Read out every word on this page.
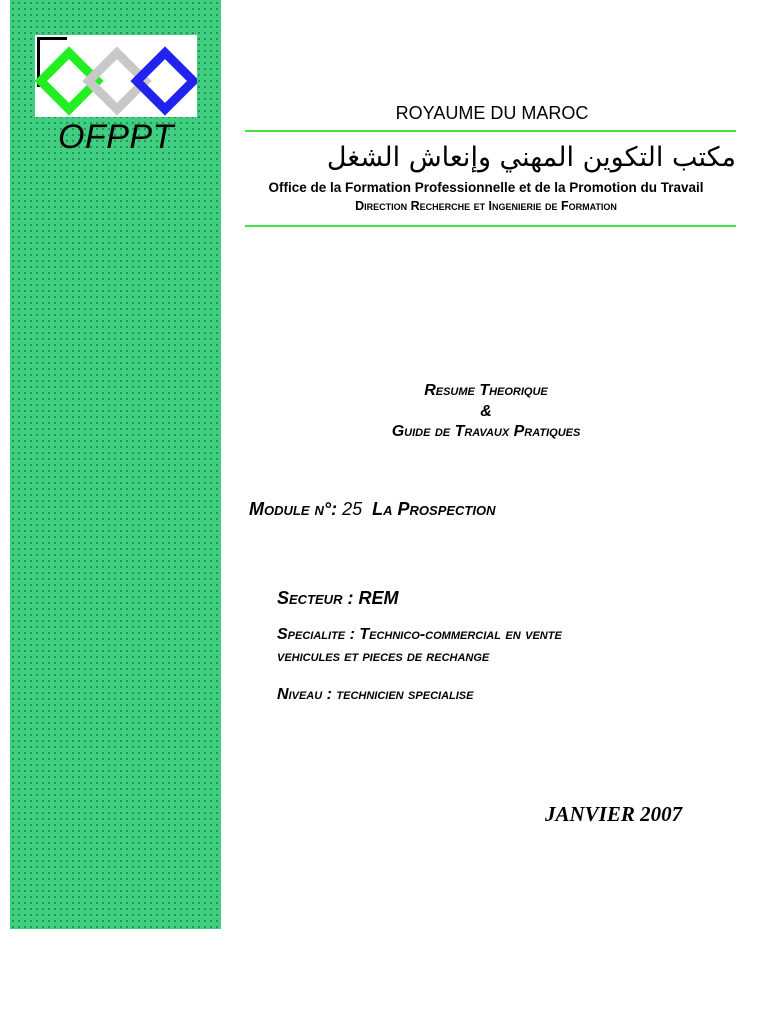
OFPPT
ROYAUME DU MAROC
مكتب التكوين المهني وإنعاش الشغل
Office de la Formation Professionnelle et de la Promotion du Travail
Direction Recherche et Ingenierie de Formation
Resume Theorique
&
Guide de Travaux Pratiques
Module n°: 25 La Prospection
Secteur : REM
Specialite : Technico-commercial en vente
vehicules et pieces de rechange
Niveau : technicien specialise
JANVIER 2007
